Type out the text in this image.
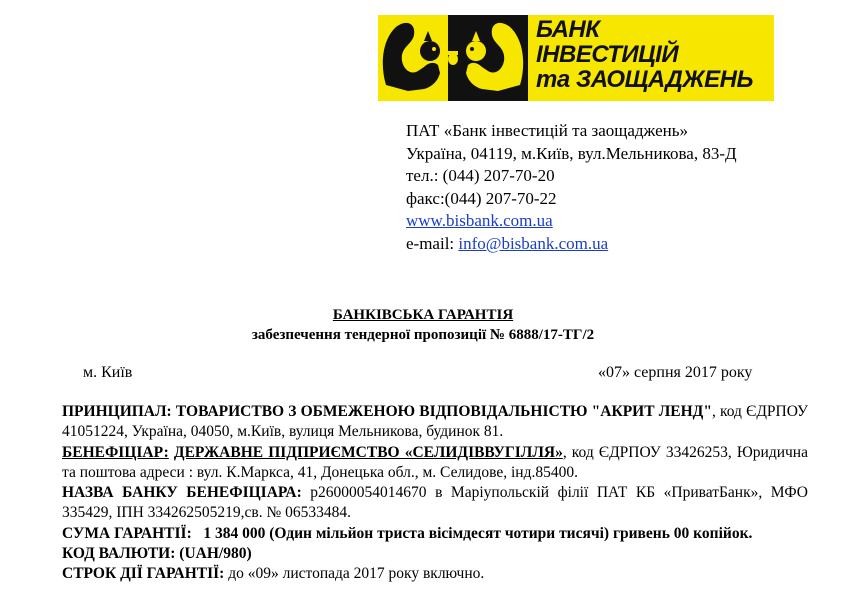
БАНК
ІНВЕСТИЦІЙ
та ЗАОЩАДЖЕНЬ
ПАТ «Банк інвестицій та заощаджень»
Україна, 04119, м.Київ, вул.Мельникова, 83-Д
тел.: (044) 207-70-20
факс:(044) 207-70-22
www.bisbank.com.ua
e-mail: info@bisbank.com.ua
БАНКІВСЬКА ГАРАНТІЯ
забезпечення тендерної пропозиції № 6888/17-ТГ/2
м. Київ	«07» серпня 2017 року

ПРИНЦИПАЛ: ТОВАРИСТВО З ОБМЕЖЕНОЮ ВІДПОВІДАЛЬНІСТЮ "АКРИТ ЛЕНД", код ЄДРПОУ 41051224, Україна, 04050, м.Київ, вулиця Мельникова, будинок 81.

БЕНЕФІЦІАР: ДЕРЖАВНЕ ПІДПРИЄМСТВО «СЕЛИДІВВУГІЛЛЯ», код ЄДРПОУ 33426253, Юридична та поштова адреси : вул. К.Маркса, 41, Донецька обл., м. Селидове, інд.85400.

НАЗВА БАНКУ БЕНЕФІЦІАРА: р26000054014670 в Маріупольскій філії ПАТ КБ «ПриватБанк», МФО 335429, ІПН 334262505219,св. № 06533484.

СУМА ГАРАНТІЇ: 1 384 000 (Один мільйон триста вісімдесят чотири тисячі) гривень 00 копійок.

КОД ВАЛЮТИ: (UAH/980)

СТРОК ДІЇ ГАРАНТІЇ: до «09» листопада 2017 року включно.
